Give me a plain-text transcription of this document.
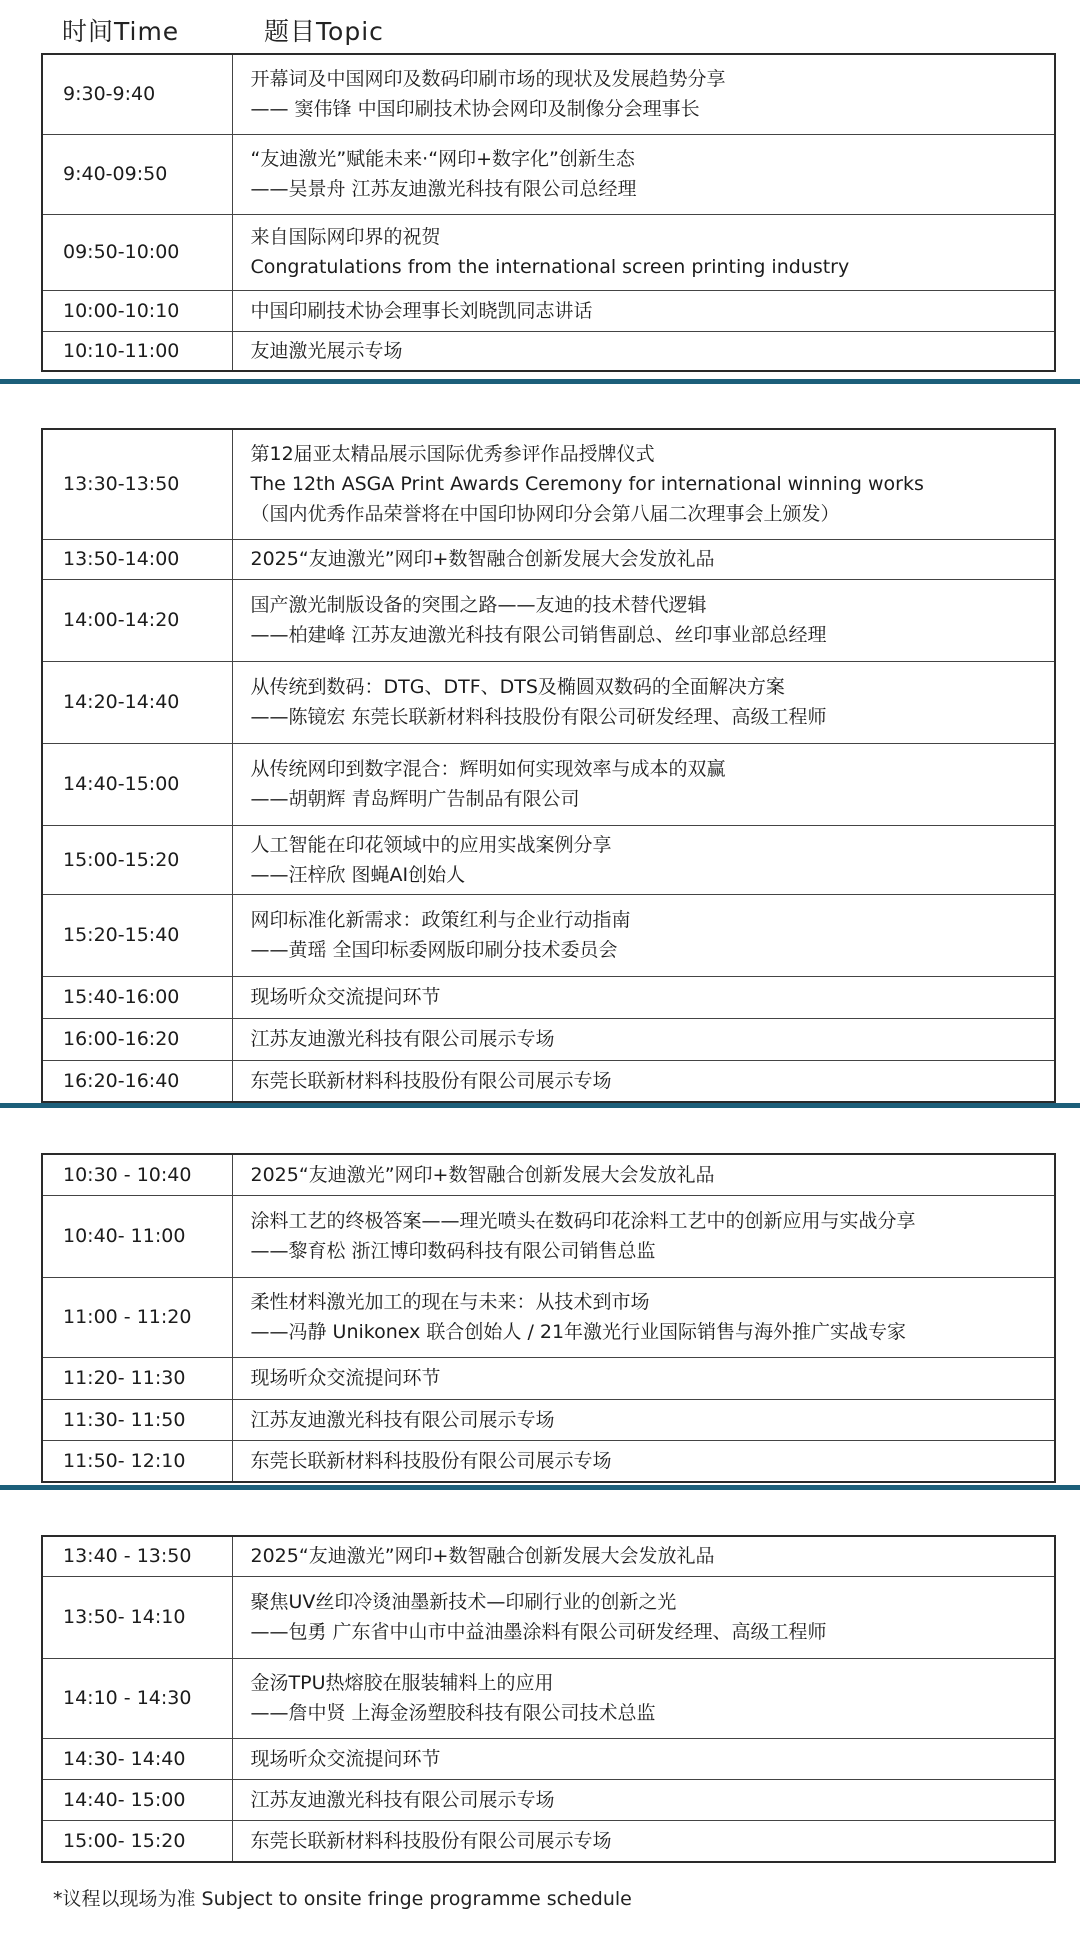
时间Time	题目Topic
9:30-9:40	开幕词及中国网印及数码印刷市场的现状及发展趋势分享
—— 窦伟锋 中国印刷技术协会网印及制像分会理事长

9:40-09:50	“友迪激光”赋能未来·“网印+数字化”创新生态
——吴景舟 江苏友迪激光科技有限公司总经理

09:50-10:00	来自国际网印界的祝贺
Congratulations from the international screen printing industry

10:00-10:10	中国印刷技术协会理事长刘晓凯同志讲话

10:10-11:00	友迪激光展示专场
13:30-13:50	第12届亚太精品展示国际优秀参评作品授牌仪式
The 12th ASGA Print Awards Ceremony for international winning works
（国内优秀作品荣誉将在中国印协网印分会第八届二次理事会上颁发）

13:50-14:00	2025“友迪激光”网印+数智融合创新发展大会发放礼品

14:00-14:20	国产激光制版设备的突围之路——友迪的技术替代逻辑
——柏建峰 江苏友迪激光科技有限公司销售副总、丝印事业部总经理

14:20-14:40	从传统到数码：DTG、DTF、DTS及椭圆双数码的全面解决方案
——陈镜宏 东莞长联新材料科技股份有限公司研发经理、高级工程师

14:40-15:00	从传统网印到数字混合：辉明如何实现效率与成本的双赢
——胡朝辉 青岛辉明广告制品有限公司

15:00-15:20	人工智能在印花领域中的应用实战案例分享
——汪梓欣 图蝇AI创始人

15:20-15:40	网印标准化新需求：政策红利与企业行动指南
——黄瑶 全国印标委网版印刷分技术委员会

15:40-16:00	现场听众交流提问环节

16:00-16:20	江苏友迪激光科技有限公司展示专场

16:20-16:40	东莞长联新材料科技股份有限公司展示专场
10:30 - 10:40	2025“友迪激光”网印+数智融合创新发展大会发放礼品

10:40- 11:00	涂料工艺的终极答案——理光喷头在数码印花涂料工艺中的创新应用与实战分享
——黎育松 浙江博印数码科技有限公司销售总监

11:00 - 11:20	柔性材料激光加工的现在与未来：从技术到市场
——冯静 Unikonex 联合创始人 / 21年激光行业国际销售与海外推广实战专家

11:20- 11:30	现场听众交流提问环节

11:30- 11:50	江苏友迪激光科技有限公司展示专场

11:50- 12:10	东莞长联新材料科技股份有限公司展示专场
13:40 - 13:50	2025“友迪激光”网印+数智融合创新发展大会发放礼品

13:50- 14:10	聚焦UV丝印冷烫油墨新技术—印刷行业的创新之光
——包勇 广东省中山市中益油墨涂料有限公司研发经理、高级工程师

14:10 - 14:30	金汤TPU热熔胶在服装辅料上的应用
——詹中贤 上海金汤塑胶科技有限公司技术总监

14:30- 14:40	现场听众交流提问环节

14:40- 15:00	江苏友迪激光科技有限公司展示专场

15:00- 15:20	东莞长联新材料科技股份有限公司展示专场
*议程以现场为准 Subject to onsite fringe programme schedule
